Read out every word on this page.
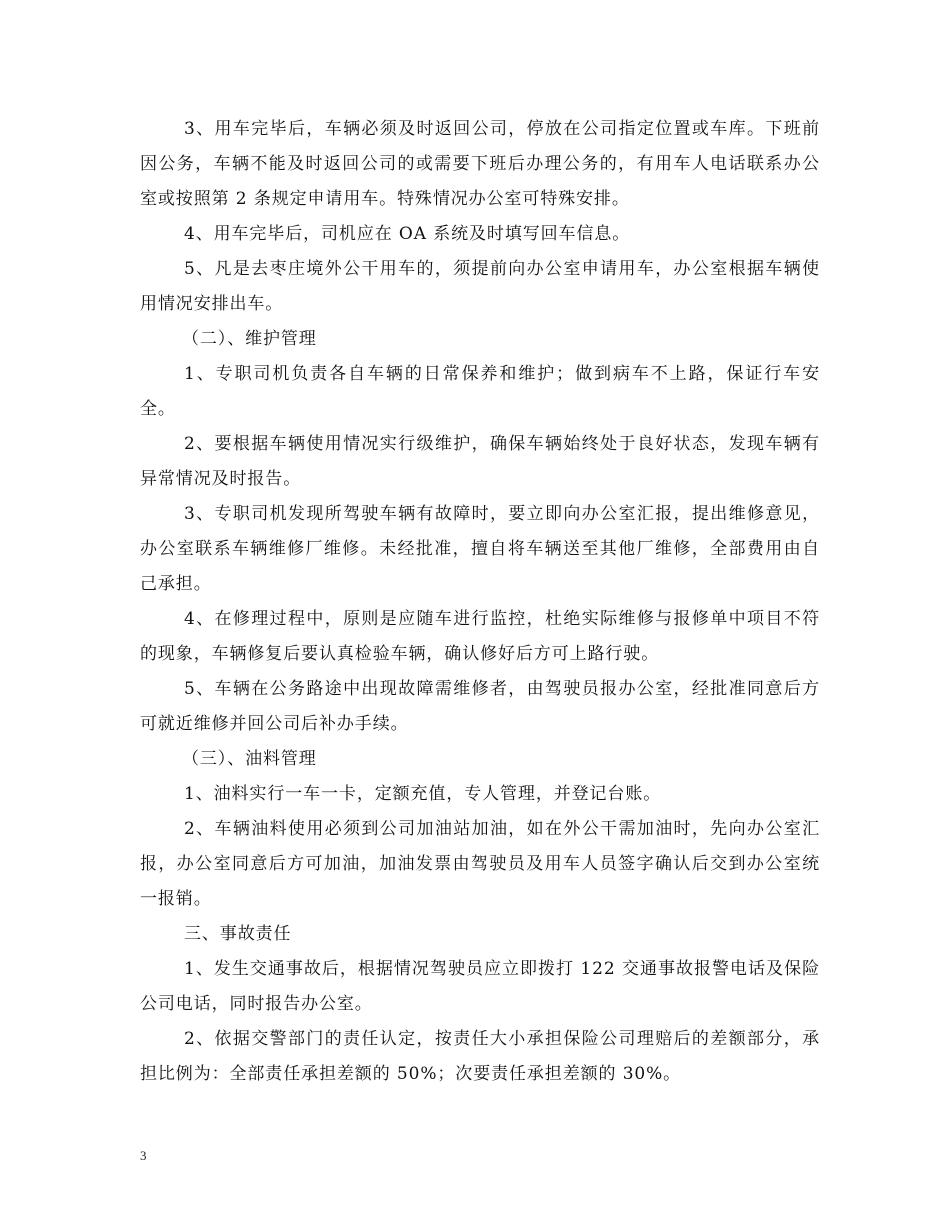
3、用车完毕后，车辆必须及时返回公司，停放在公司指定位置或车库。下班前因公务，车辆不能及时返回公司的或需要下班后办理公务的，有用车人电话联系办公室或按照第 2 条规定申请用车。特殊情况办公室可特殊安排。

4、用车完毕后，司机应在 OA 系统及时填写回车信息。

5、凡是去枣庄境外公干用车的，须提前向办公室申请用车，办公室根据车辆使用情况安排出车。

（二）、维护管理

1、专职司机负责各自车辆的日常保养和维护；做到病车不上路，保证行车安全。

2、要根据车辆使用情况实行级维护，确保车辆始终处于良好状态，发现车辆有异常情况及时报告。

3、专职司机发现所驾驶车辆有故障时，要立即向办公室汇报，提出维修意见，办公室联系车辆维修厂维修。未经批准，擅自将车辆送至其他厂维修，全部费用由自己承担。

4、在修理过程中，原则是应随车进行监控，杜绝实际维修与报修单中项目不符的现象，车辆修复后要认真检验车辆，确认修好后方可上路行驶。

5、车辆在公务路途中出现故障需维修者，由驾驶员报办公室，经批准同意后方可就近维修并回公司后补办手续。

（三）、油料管理

1、油料实行一车一卡，定额充值，专人管理，并登记台账。

2、车辆油料使用必须到公司加油站加油，如在外公干需加油时，先向办公室汇报，办公室同意后方可加油，加油发票由驾驶员及用车人员签字确认后交到办公室统一报销。

三、事故责任

1、发生交通事故后，根据情况驾驶员应立即拨打 122 交通事故报警电话及保险公司电话，同时报告办公室。

2、依据交警部门的责任认定，按责任大小承担保险公司理赔后的差额部分，承担比例为：全部责任承担差额的 50%；次要责任承担差额的 30%。

3
